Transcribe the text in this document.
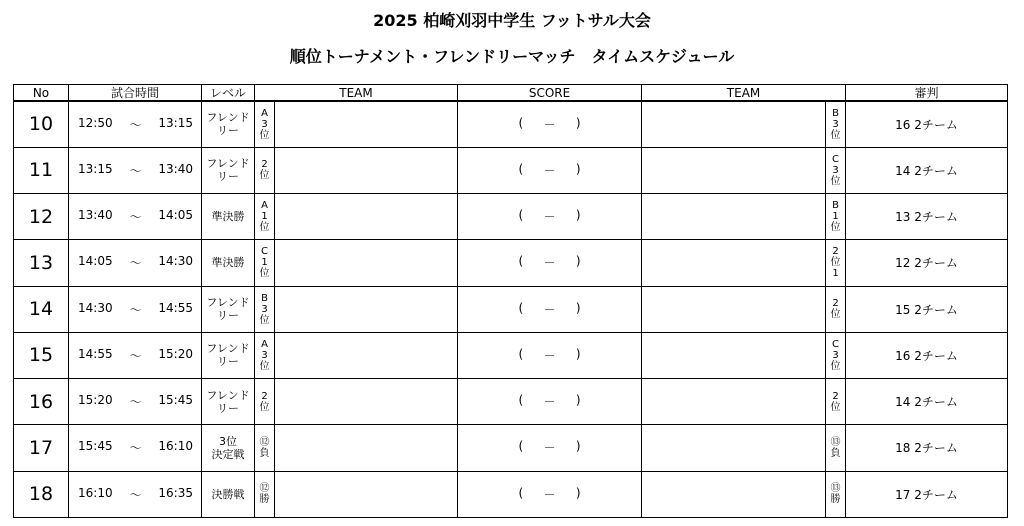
2025 柏崎刈羽中学生 フットサル大会
順位トーナメント・フレンドリーマッチ　タイムスケジュール
No	試合時間	レベル	TEAM		SCORE	TEAM		審判
10	12:50 ～ 13:15	フレンド
リー	A3位		( － )		B3位	16 2チーム
11	13:15 ～ 13:40	フレンド
リー	2位		( － )		C3位	14 2チーム
12	13:40 ～ 14:05	準決勝	A1位		( － )		B1位	13 2チーム
13	14:05 ～ 14:30	準決勝	C1位		( － )		2位1	12 2チーム
14	14:30 ～ 14:55	フレンド
リー	B3位		( － )		2位	15 2チーム
15	14:55 ～ 15:20	フレンド
リー	A3位		( － )		C3位	16 2チーム
16	15:20 ～ 15:45	フレンド
リー	2位		( － )		2位	14 2チーム
17	15:45 ～ 16:10	3位
決定戦	⑫負		( － )		⑬負	18 2チーム
18	16:10 ～ 16:35	決勝戦	⑫勝		( － )		⑬勝	17 2チーム
